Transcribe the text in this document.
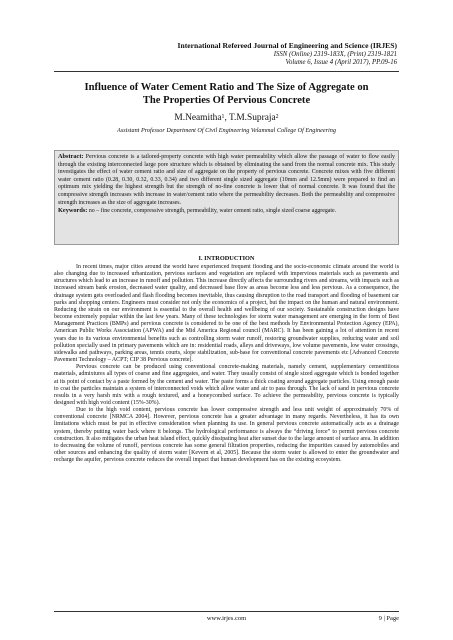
International Refereed Journal of Engineering and Science (IRJES)
ISSN (Online) 2319-183X, (Print) 2319-1821
Volume 6, Issue 4 (April 2017), PP.09-16
Influence of Water Cement Ratio and The Size of Aggregate on
The Properties Of Pervious Concrete
M.Neamitha$^1$, T.M.Supraja$^2$
Assistant Professor Department Of Civil Engineering Velammal College Of Engineering

Abstract: Pervious concrete is a tailored-property concrete with high water permeability which allow the passage of water to flow easily through the existing interconnected large pore structure which is obtained by eliminating the sand from the normal concrete mix. This study investigates the effect of water cement ratio and size of aggregate on the property of pervious concrete. Concrete mixes with five different water cement ratio (0.28, 0.30, 0.32, 0.33, 0.34) and two different single sized aggregate (10mm and 12.5mm) were prepared to find an optimum mix yielding the highest strength but the strength of no-fine concrete is lower that of normal concrete. It was found that the compressive strength increases with increase in water/cement ratio where the permeability decreases. Both the permeability and compressive strength increases as the size of aggregate increases.

Keywords: no – fine concrete, compressive strength, permeability, water cement ratio, single sized coarse aggregate.

I. INTRODUCTION

In recent times, major cities around the world have experienced frequent flooding and the socio-economic climate around the world is also changing due to increased urbanization, pervious surfaces and vegetation are replaced with impervious materials such as pavements and structures which lead to an increase in runoff and pollution. This increase directly affects the surrounding rivers and streams, with impacts such as increased stream bank erosion, decreased water quality, and decreased base flow as areas become less and less pervious. As a consequence, the drainage system gets overloaded and flash flooding becomes inevitable, thus causing disruption to the road transport and flooding of basement car parks and shopping centers. Engineers must consider not only the economics of a project, but the impact on the human and natural environment. Reducing the strain on our environment is essential to the overall health and wellbeing of our society. Sustainable construction designs have become extremely popular within the last few years. Many of these technologies for storm water management are emerging in the form of Best Management Practices (BMPs) and pervious concrete is considered to be one of the best methods by Environmental Protection Agency (EPA), American Public Works Association (APWA) and the Mid America Regional council (MARC). It has been gaining a lot of attention in recent years due to its various environmental benefits such as controlling storm water runoff, restoring groundwater supplies, reducing water and soil pollution specially used in primary pavements which are in: residential roads, alleys and driveways, low volume pavements, low water crossings, sidewalks and pathways, parking areas, tennis courts, slope stabilization, sub-base for conventional concrete pavements etc [Advanced Concrete Pavement Technology – ACPT; CIP 38 Pervious concrete].

Pervious concrete can be produced using conventional concrete-making materials, namely cement, supplementary cementitious materials, admixtures all types of coarse and fine aggregates, and water. They usually consist of single sized aggregate which is bonded together at its point of contact by a paste formed by the cement and water. The paste forms a thick coating around aggregate particles. Using enough paste to coat the particles maintain a system of interconnected voids which allow water and air to pass through. The lack of sand in pervious concrete results in a very harsh mix with a rough textured, and a honeycombed surface. To achieve the permeability, pervious concrete is typically designed with high void content (15%-30%).

Due to the high void content, pervious concrete has lower compressive strength and less unit weight of approximately 70% of conventional concrete [NRMCA 2004]. However, pervious concrete has a greater advantage in many regards. Nevertheless, it has its own limitations which must be put in effective consideration when planning its use. In general pervious concrete automatically acts as a drainage system, thereby putting water back where it belongs. The hydrological performance is always the “driving force” to permit pervious concrete construction. It also mitigates the urban heat island effect, quickly dissipating heat after sunset due to the large amount of surface area. In addition to decreasing the volume of runoff, pervious concrete has some general filtration properties, reducing the impurities caused by automobiles and other sources and enhancing the quality of storm water [Kevern et al, 2005]. Because the storm water is allowed to enter the groundwater and recharge the aquifer, pervious concrete reduces the overall impact that human development has on the existing ecosystem.

www.irjes.com	9 | Page
